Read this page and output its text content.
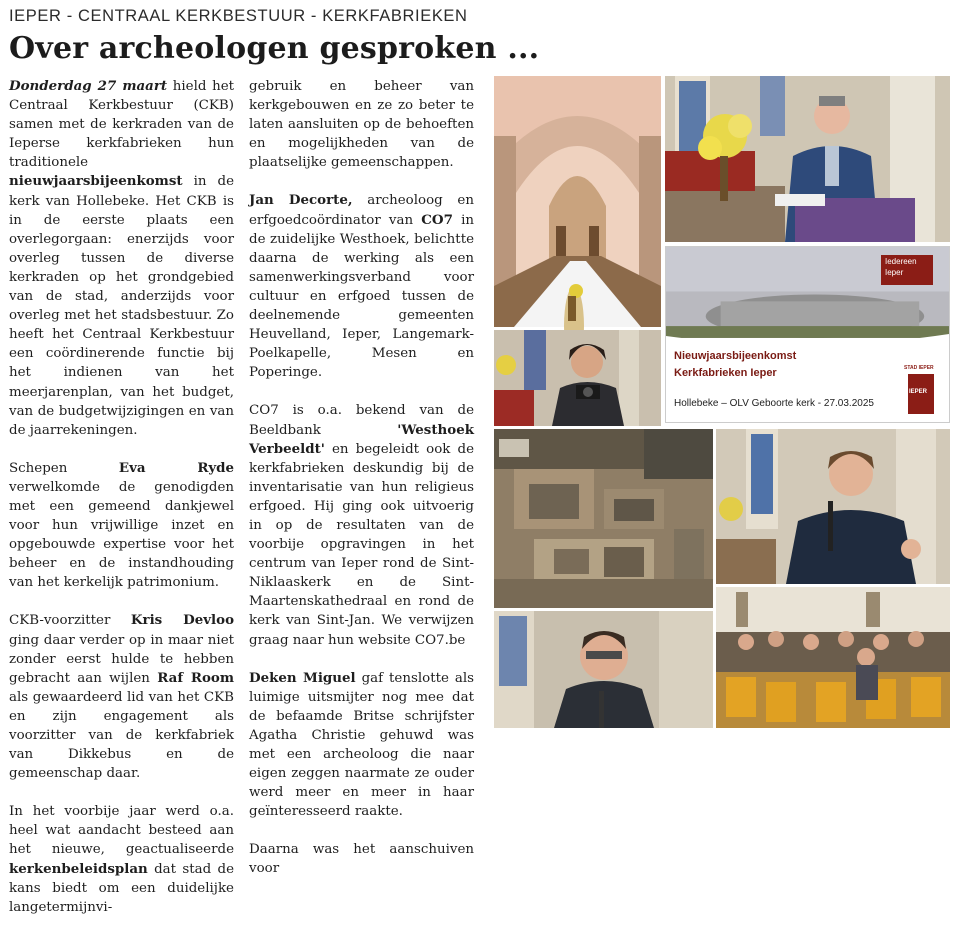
IEPER - CENTRAAL KERKBESTUUR - KERKFABRIEKEN
Over archeologen gesproken ...

Donderdag 27 maart hield het Centraal Kerkbestuur (CKB) samen met de kerkraden van de Ieperse kerkfabrieken hun traditionele nieuwjaarsbijeenkomst in de kerk van Hollebeke. Het CKB is in de eerste plaats een overlegorgaan: enerzijds voor overleg tussen de diverse kerkraden op het grondgebied van de stad, anderzijds voor overleg met het stadsbestuur. Zo heeft het Centraal Kerkbestuur een coördinerende functie bij het indienen van het meerjarenplan, van het budget, van de budgetwijzigingen en van de jaarrekeningen.

Schepen Eva Ryde verwelkomde de genodigden met een gemeend dankjewel voor hun vrijwillige inzet en opgebouwde expertise voor het beheer en de instandhouding van het kerkelijk patrimonium.

CKB-voorzitter Kris Devloo ging daar verder op in maar niet zonder eerst hulde te hebben gebracht aan wijlen Raf Room als gewaardeerd lid van het CKB en zijn engagement als voorzitter van de kerkfabriek van Dikkebus en de gemeenschap daar.

In het voorbije jaar werd o.a. heel wat aandacht besteed aan het nieuwe, geactualiseerde kerkenbeleidsplan dat stad de kans biedt om een duidelijke langetermijnvi-

gebruik en beheer van kerkgebouwen en ze zo beter te laten aansluiten op de behoeften en mogelijkheden van de plaatselijke gemeenschappen.

Jan Decorte, archeoloog en erfgoedcoördinator van CO7 in de zuidelijke Westhoek, belichtte daarna de werking als een samenwerkingsverband voor cultuur en erfgoed tussen de deelnemende gemeenten Heuvelland, Ieper, Langemark-Poelkapelle, Mesen en Poperinge.

CO7 is o.a. bekend van de Beeldbank 'Westhoek Verbeeldt' en begeleidt ook de kerkfabrieken deskundig bij de inventarisatie van hun religieus erfgoed. Hij ging ook uitvoerig in op de resultaten van de voorbije opgravingen in het centrum van Ieper rond de Sint-Niklaaskerk en de Sint-Maartenskathedraal en rond de kerk van Sint-Jan. We verwijzen graag naar hun website CO7.be

Deken Miguel gaf tenslotte als luimige uitsmijter nog mee dat de befaamde Britse schrijfster Agatha Christie gehuwd was met een archeoloog die naar eigen zeggen naarmate ze ouder werd meer en meer in haar geïnteresseerd raakte.

Daarna was het aanschuiven voor

Iedereen
Ieper
Nieuwjaarsbijeenkomst
Kerkfabrieken Ieper
Hollebeke – OLV Geboorte kerk - 27.03.2025
STAD IEPER
IEPER
